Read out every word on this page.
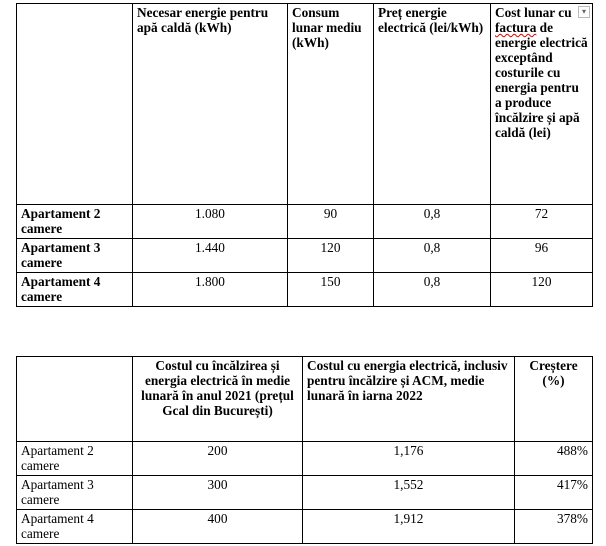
	Necesar energie pentru apă caldă (kWh)	Consum lunar mediu (kWh)	Preț energie electrică (lei/kWh)	Cost lunar cu factura de energie electrică exceptând costurile cu energia pentru a produce încălzire și apă caldă (lei)
▾

Apartament 2 camere	1.080	90	0,8	72
Apartament 3 camere	1.440	120	0,8	96
Apartament 4 camere	1.800	150	0,8	120
	Costul cu încălzirea și energia electrică în medie lunară în anul 2021 (prețul Gcal din București)	Costul cu energia electrică, inclusiv pentru încălzire și ACM, medie lunară în iarna 2022	Creștere (%)
Apartament 2 camere	200	1,176	488%
Apartament 3 camere	300	1,552	417%
Apartament 4 camere	400	1,912	378%
